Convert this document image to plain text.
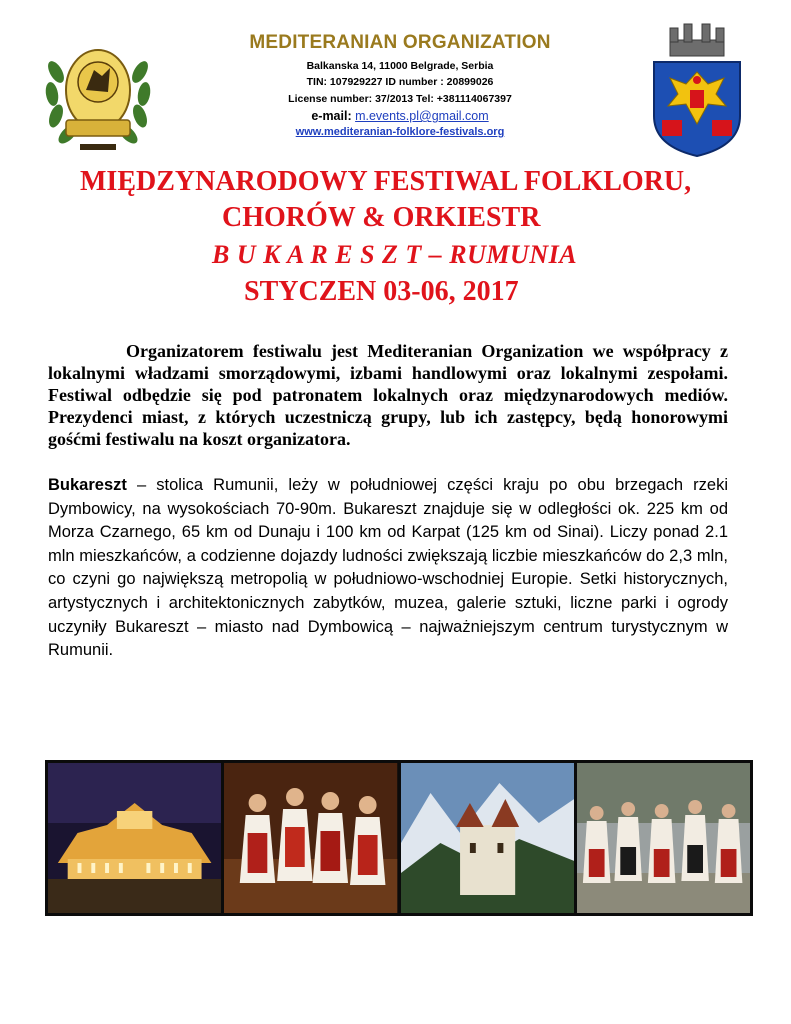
MEDITERANIAN ORGANIZATION
Balkanska 14, 11000 Belgrade, Serbia
TIN: 107929227 ID number : 20899026
License number: 37/2013 Tel: +381114067397
e-mail: m.events.pl@gmail.com
www.mediteranian-folklore-festivals.org
MIĘDZYNARODOWY FESTIWAL FOLKLORU,
CHORÓW & ORKIESTR
B U K A R E S Z T – RUMUNIA
STYCZEN 03-06, 2017

Organizatorem festiwalu jest Mediteranian Organization we współpracy z lokalnymi władzami smorządowymi, izbami handlowymi oraz lokalnymi zespołami. Festiwal odbędzie się pod patronatem lokalnych oraz międzynarodowych mediów. Prezydenci miast, z których uczestniczą grupy, lub ich zastępcy, będą honorowymi gośćmi festiwalu na koszt organizatora.

Bukareszt – stolica Rumunii, leży w południowej części kraju po obu brzegach rzeki Dymbowicy, na wysokościach 70-90m. Bukareszt znajduje się w odległości ok. 225 km od Morza Czarnego, 65 km od Dunaju i 100 km od Karpat (125 km od Sinai). Liczy ponad 2.1 mln mieszkańców, a codzienne dojazdy ludności zwiększają liczbie mieszkańców do 2,3 mln, co czyni go największą metropolią w południowo-wschodniej Europie. Setki historycznych, artystycznych i architektonicznych zabytków, muzea, galerie sztuki, liczne parki i ogrody uczyniły Bukareszt – miasto nad Dymbowicą – najważniejszym centrum turystycznym w Rumunii.
